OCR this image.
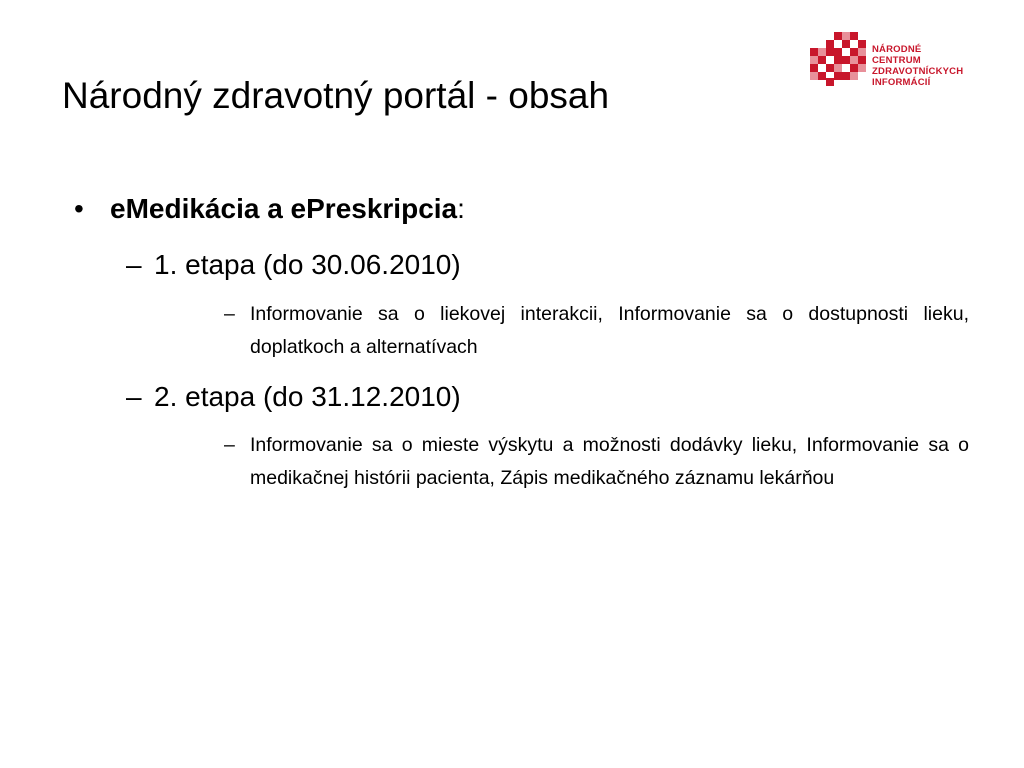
Národný zdravotný portál - obsah
NÁRODNÉ
CENTRUM
ZDRAVOTNÍCKYCH
INFORMÁCIÍ
• eMedikácia a ePreskripcia:
– 1. etapa (do 30.06.2010)
– Informovanie sa o liekovej interakcii, Informovanie sa o dostupnosti lieku, doplatkoch a alternatívach
– 2. etapa (do 31.12.2010)
– Informovanie sa o mieste výskytu a možnosti dodávky lieku, Informovanie sa o medikačnej histórii pacienta, Zápis medikačného záznamu lekárňou
